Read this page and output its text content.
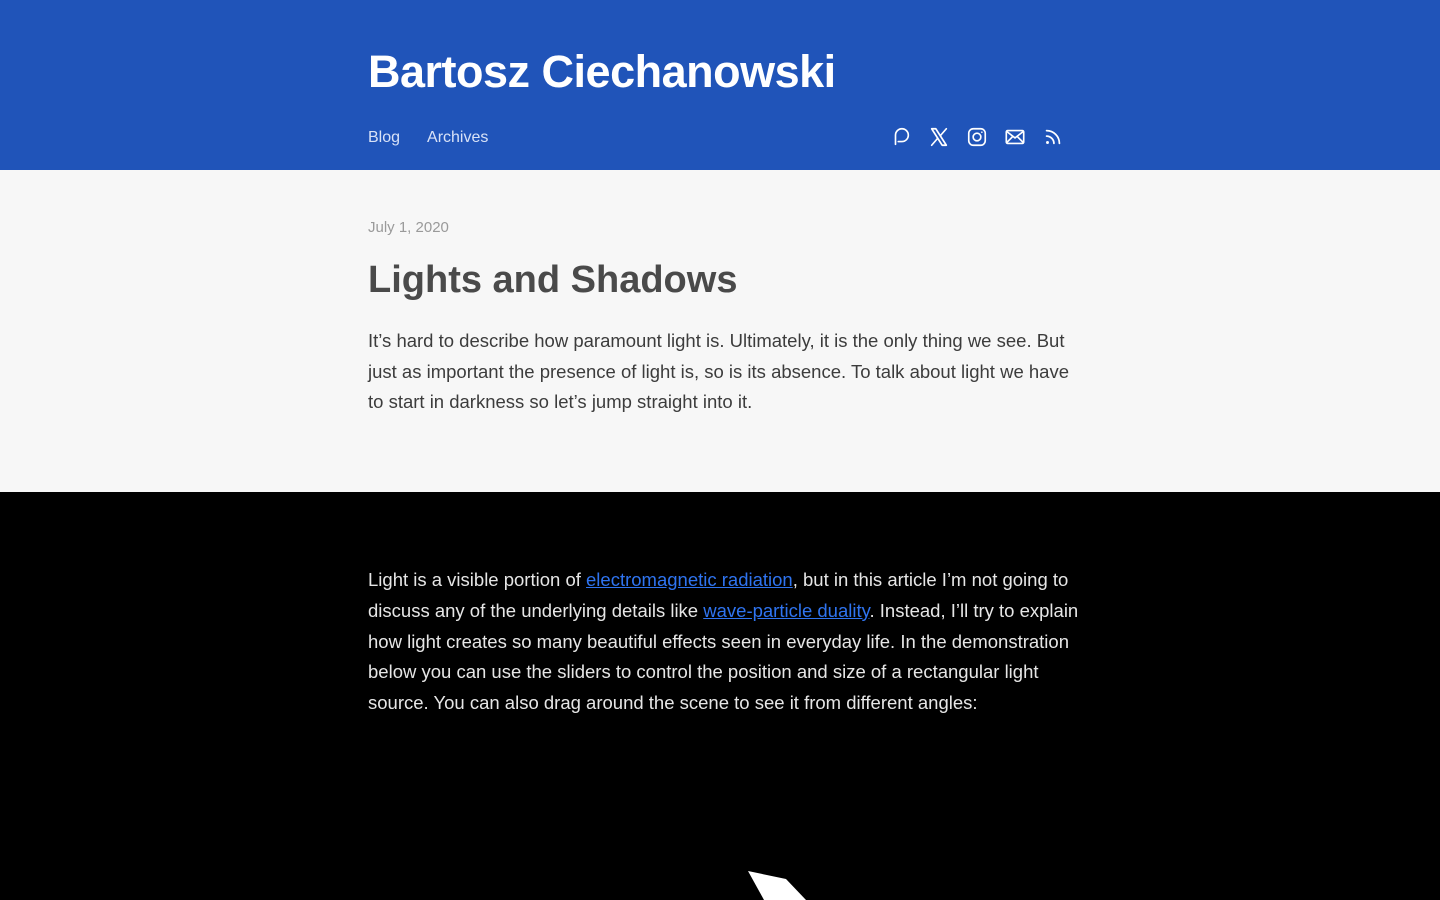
Bartosz Ciechanowski
Blog Archives
July 1, 2020
Lights and Shadows

It’s hard to describe how paramount light is. Ultimately, it is the only thing we see. But just as important the presence of light is, so is its absence. To talk about light we have to start in darkness so let’s jump straight into it.

Light is a visible portion of electromagnetic radiation, but in this article I’m not going to discuss any of the underlying details like wave-particle duality. Instead, I’ll try to explain how light creates so many beautiful effects seen in everyday life. In the demonstration below you can use the sliders to control the position and size of a rectangular light source. You can also drag around the scene to see it from different angles:
